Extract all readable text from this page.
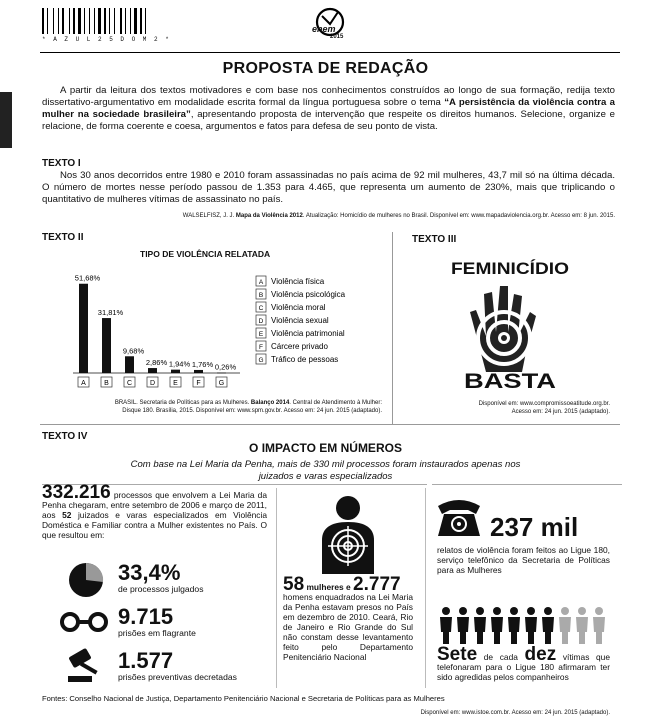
* A Z U L 2 5 D O M 2 *
enem
2015
PROPOSTA DE REDAÇÃO
A partir da leitura dos textos motivadores e com base nos conhecimentos construídos ao longo de sua formação, redija texto dissertativo-argumentativo em modalidade escrita formal da língua portuguesa sobre o tema “A persistência da violência contra a mulher na sociedade brasileira”, apresentando proposta de intervenção que respeite os direitos humanos. Selecione, organize e relacione, de forma coerente e coesa, argumentos e fatos para defesa de seu ponto de vista.
TEXTO I
Nos 30 anos decorridos entre 1980 e 2010 foram assassinadas no país acima de 92 mil mulheres, 43,7 mil só na última década. O número de mortes nesse período passou de 1.353 para 4.465, que representa um aumento de 230%, mais que triplicando o quantitativo de mulheres vítimas de assassinato no país.
WALSELFISZ, J. J. Mapa da Violência 2012. Atualização: Homicídio de mulheres no Brasil. Disponível em: www.mapadaviolencia.org.br. Acesso em: 8 jun. 2015.
TEXTO II
TIPO DE VIOLÊNCIA RELATADA
51,68%
A
31,81%
B
9,68%
C
2,86%
D
1,94%
E
1,76%
F
0,26%
G
A Violência física
B Violência psicológica
C Violência moral
D Violência sexual
E Violência patrimonial
F Cárcere privado
G Tráfico de pessoas
BRASIL. Secretaria de Políticas para as Mulheres. Balanço 2014. Central de Atendimento à Mulher:
Disque 180. Brasília, 2015. Disponível em: www.spm.gov.br. Acesso em: 24 jun. 2015 (adaptado).
TEXTO III
FEMINICÍDIO
BASTA
Disponível em: www.compromissoeatitude.org.br.
Acesso em: 24 jun. 2015 (adaptado).
TEXTO IV
O IMPACTO EM NÚMEROS
Com base na Lei Maria da Penha, mais de 330 mil processos foram instaurados apenas nos juizados e varas especializados
332.216 processos que envolvem a Lei Maria da Penha chegaram, entre setembro de 2006 e março de 2011, aos 52 juizados e varas especializados em Violência Doméstica e Familiar contra a Mulher existentes no País. O que resultou em:
33,4%
de processos julgados
9.715
prisões em flagrante
1.577
prisões preventivas decretadas
58 mulheres e 2.777
homens enquadrados na Lei Maria da Penha estavam presos no País em dezembro de 2010. Ceará, Rio de Janeiro e Rio Grande do Sul não constam desse levantamento feito pelo Departamento Penitenciário Nacional
237 mil
relatos de violência foram feitos ao Ligue 180, serviço telefônico da Secretaria de Políticas para as Mulheres
Sete de cada dez vítimas que telefonaram para o Ligue 180 afirmaram ter sido agredidas pelos companheiros
Fontes: Conselho Nacional de Justiça, Departamento Penitenciário Nacional e Secretaria de Políticas para as Mulheres
Disponível em: www.istoe.com.br. Acesso em: 24 jun. 2015 (adaptado).
